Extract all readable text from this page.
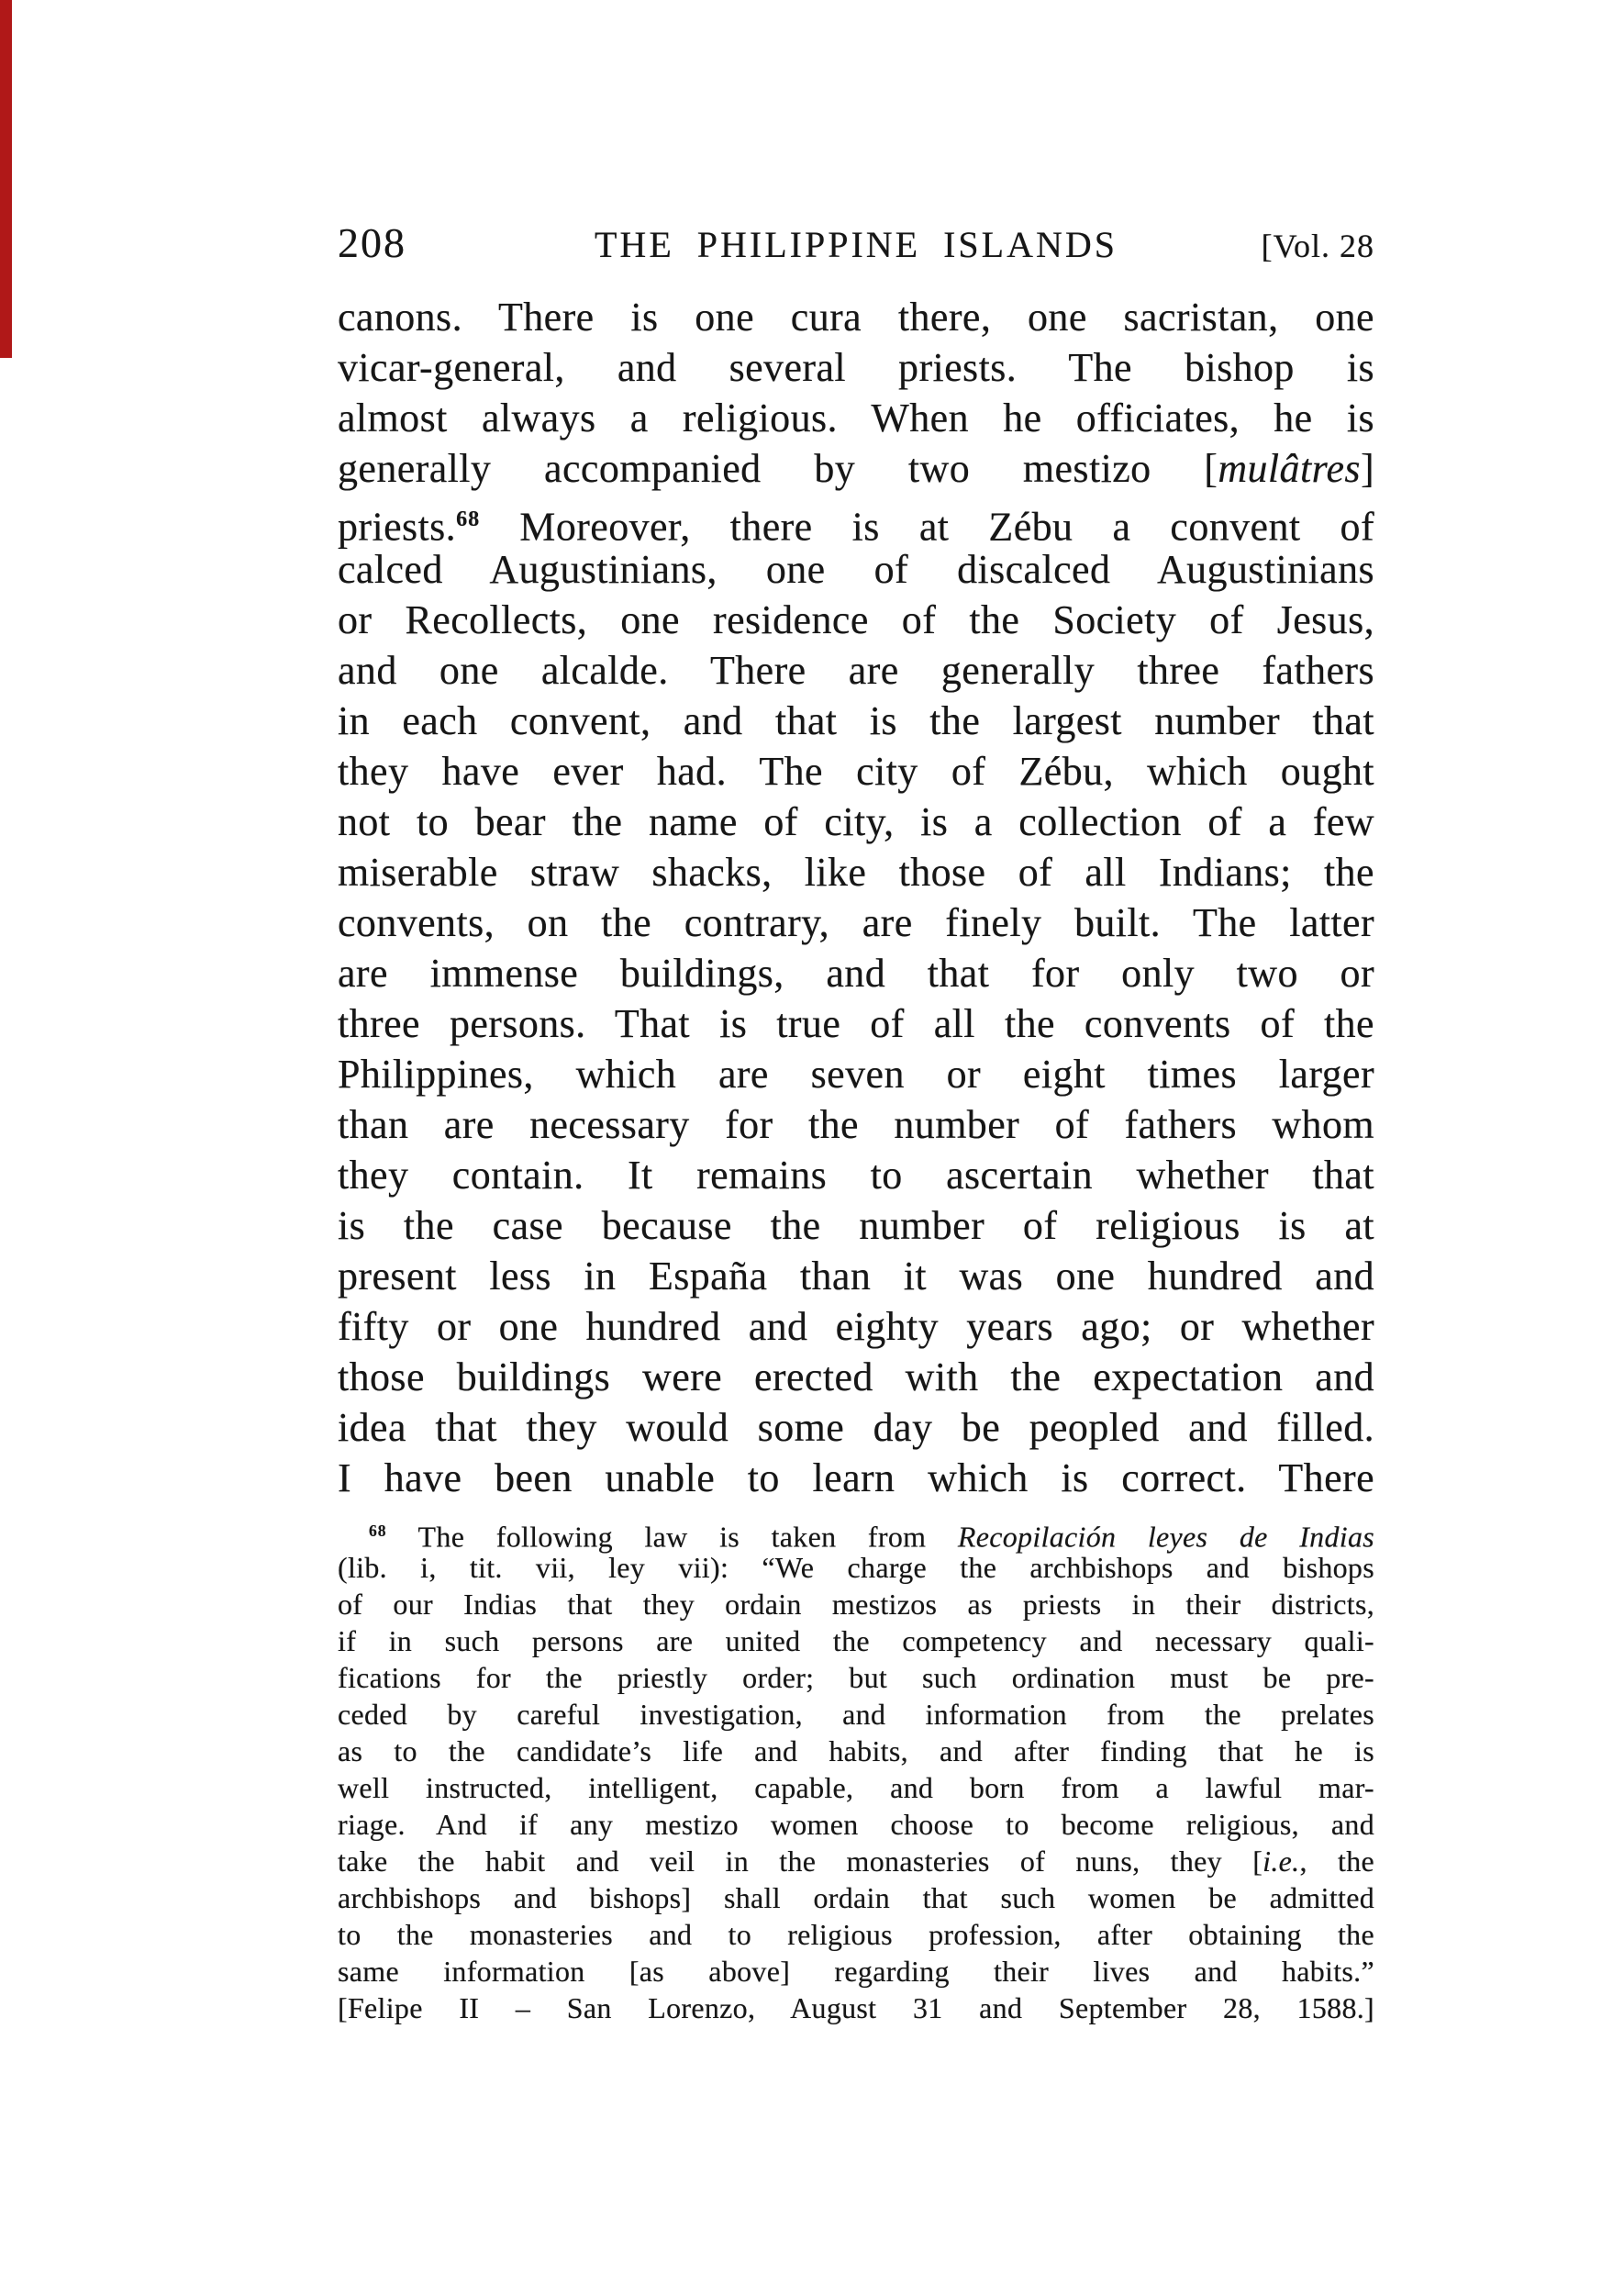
208	THE PHILIPPINE ISLANDS	[Vol. 28
canons. There is one cura there, one sacristan, one
vicar-general, and several priests. The bishop is
almost always a religious. When he officiates, he is
generally accompanied by two mestizo [mulâtres]
priests.$^{68}$ Moreover, there is at Zébu a convent of
calced Augustinians, one of discalced Augustinians
or Recollects, one residence of the Society of Jesus,
and one alcalde. There are generally three fathers
in each convent, and that is the largest number that
they have ever had. The city of Zébu, which ought
not to bear the name of city, is a collection of a few
miserable straw shacks, like those of all Indians; the
convents, on the contrary, are finely built. The latter
are immense buildings, and that for only two or
three persons. That is true of all the convents of the
Philippines, which are seven or eight times larger
than are necessary for the number of fathers whom
they contain. It remains to ascertain whether that
is the case because the number of religious is at
present less in España than it was one hundred and
fifty or one hundred and eighty years ago; or whether
those buildings were erected with the expectation and
idea that they would some day be peopled and filled.
I have been unable to learn which is correct. There
$^{68}$ The following law is taken from Recopilación leyes de Indias
(lib. i, tit. vii, ley vii): “We charge the archbishops and bishops
of our Indias that they ordain mestizos as priests in their districts,
if in such persons are united the competency and necessary quali-
fications for the priestly order; but such ordination must be pre-
ceded by careful investigation, and information from the prelates
as to the candidate’s life and habits, and after finding that he is
well instructed, intelligent, capable, and born from a lawful mar-
riage. And if any mestizo women choose to become religious, and
take the habit and veil in the monasteries of nuns, they [i.e., the
archbishops and bishops] shall ordain that such women be admitted
to the monasteries and to religious profession, after obtaining the
same information [as above] regarding their lives and habits.”
[Felipe II – San Lorenzo, August 31 and September 28, 1588.]
